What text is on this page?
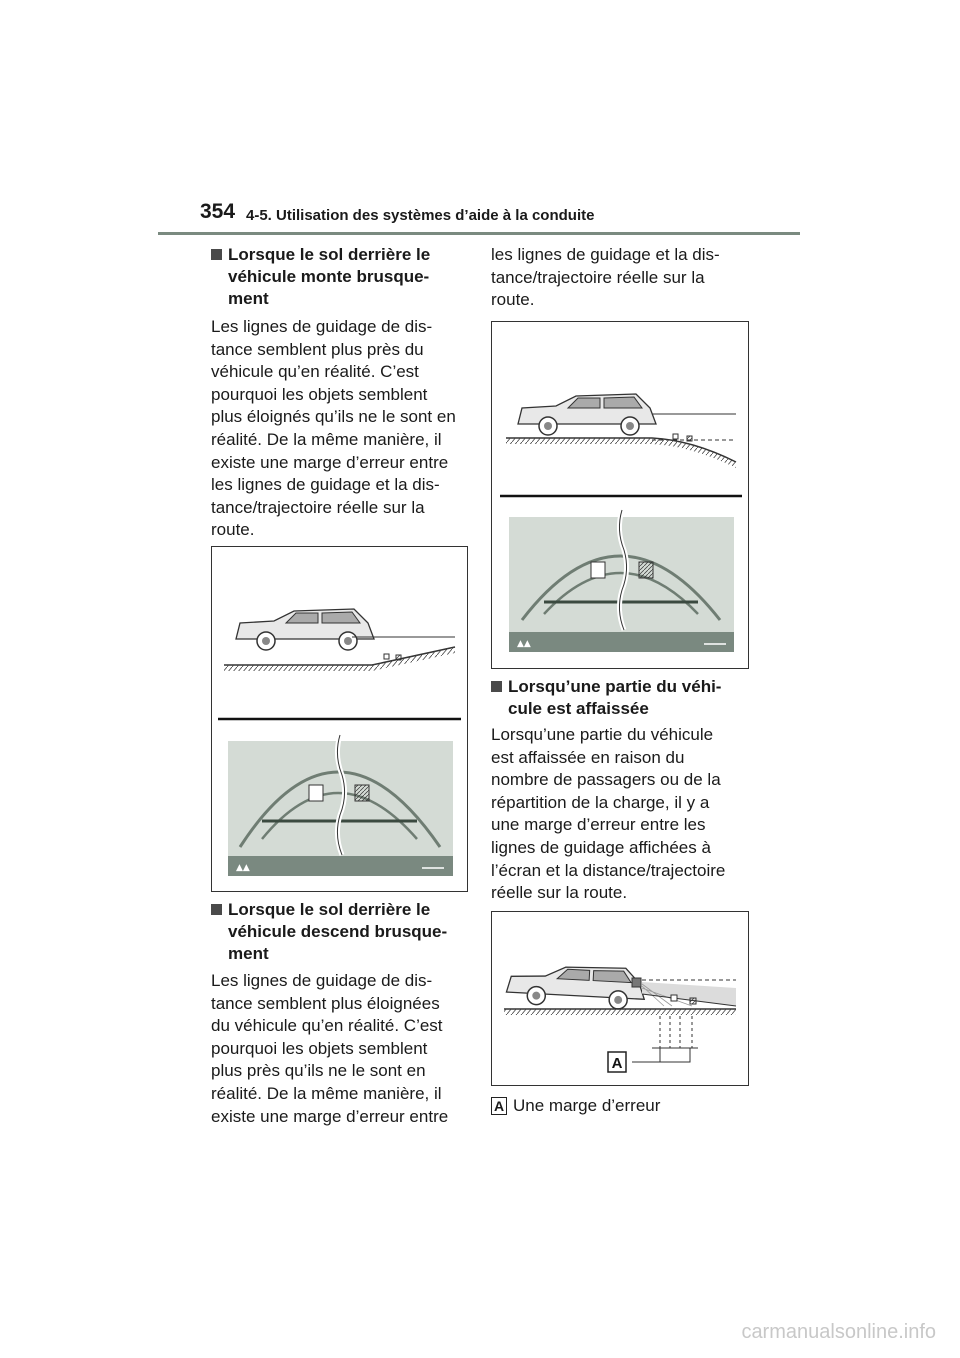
354 4-5. Utilisation des systèmes d’aide à la conduite
Lorsque le sol derrière le
véhicule monte brusque-
ment
Les lignes de guidage de dis-
tance semblent plus près du
véhicule qu’en réalité. C’est
pourquoi les objets semblent
plus éloignés qu’ils ne le sont en
réalité. De la même manière, il
existe une marge d’erreur entre
les lignes de guidage et la dis-
tance/trajectoire réelle sur la
route.
▲▲
Lorsque le sol derrière le
véhicule descend brusque-
ment
Les lignes de guidage de dis-
tance semblent plus éloignées
du véhicule qu’en réalité. C’est
pourquoi les objets semblent
plus près qu’ils ne le sont en
réalité. De la même manière, il
existe une marge d’erreur entre
les lignes de guidage et la dis-
tance/trajectoire réelle sur la
route.
▲▲
Lorsqu’une partie du véhi-
cule est affaissée
Lorsqu’une partie du véhicule
est affaissée en raison du
nombre de passagers ou de la
répartition de la charge, il y a
une marge d’erreur entre les
lignes de guidage affichées à
l’écran et la distance/trajectoire
réelle sur la route.
A
A Une marge d’erreur
carmanualsonline.info
